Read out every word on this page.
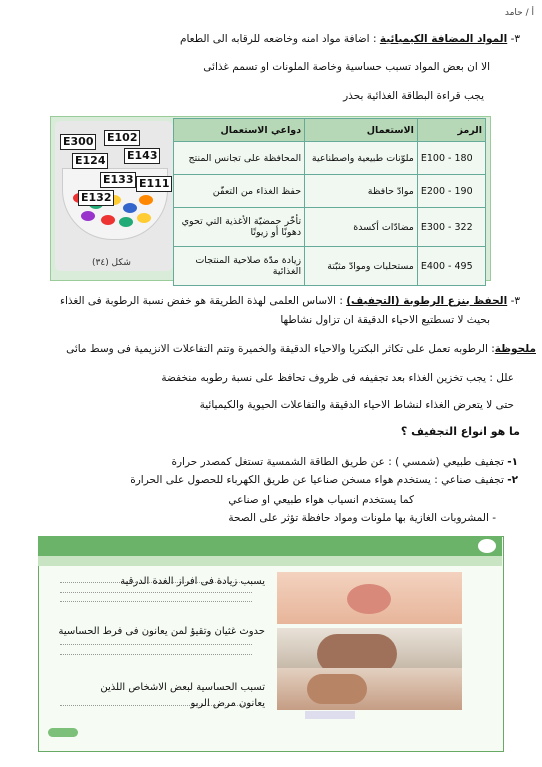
أ / حامد
٣- المواد المضافة الكيميائية : اضافة مواد امنه وخاضعه للرقابه الى الطعام
الا ان بعض المواد تسبب حساسية وخاصة الملونات او تسمم غذائى
يجب قراءة البطاقة الغذائية بحذر
E300 E102
E124 E143
E133 E111
E132
شكل (٣٤)
دواعي الاستعمال	الاستعمال	الرمز
المحافظة على تجانس المنتج	ملوّنات طبيعية واصطناعية	E100 - 180
حفظ الغذاء من التعفّن	موادّ حافظة	E200 - 190
تأخّر حمضيّة الأغذية التي تحوي دهونًا أو زيوتًا	مضادّات أكسدة	E300 - 322
زيادة مدّة صلاحية المنتجات الغذائية	مستحلبات وموادّ مثبّتة	E400 - 495
٣- الحفظ بنزع الرطوبة (التجفيف) : الاساس العلمى لهذة الطريقة هو خفض نسبة الرطوبة فى الغذاء
بحيث لا تسطتيع الاحياء الدقيقة ان تزاول نشاطها
ملحوظة: الرطوبه تعمل على تكاثر البكتريا والاحياء الدقيقة والخميرة وتتم التفاعلات الانزيمية فى وسط مائى
علل : يجب تخزين الغذاء بعد تجفيفه فى ظروف تحافظ على نسبة رطوبه منخفضة
حتى لا يتعرض الغذاء لنشاط الاحياء الدقيقة والتفاعلات الحيوية والكيميائية
ما هو انواع التجفيف ؟
١- تجفيف طبيعي (شمسي ) : عن طريق الطاقة الشمسية تستغل كمصدر حرارة
٢- تجفيف صناعي : يستخدم هواء مسخن صناعيا عن طريق الكهرباء للحصول على الحرارة
كما يستخدم انسياب هواء طبيعي او صناعي
- المشروبات الغازية بها ملونات ومواد حافظة تؤثر على الصحة
يسبب زيادة فى افراز الغدة الدرقية
حدوث غثيان وتقيؤ لمن يعانون فى فرط الحساسية
تسبب الحساسية لبعض الاشخاص اللذين يعانون مرض الربو
